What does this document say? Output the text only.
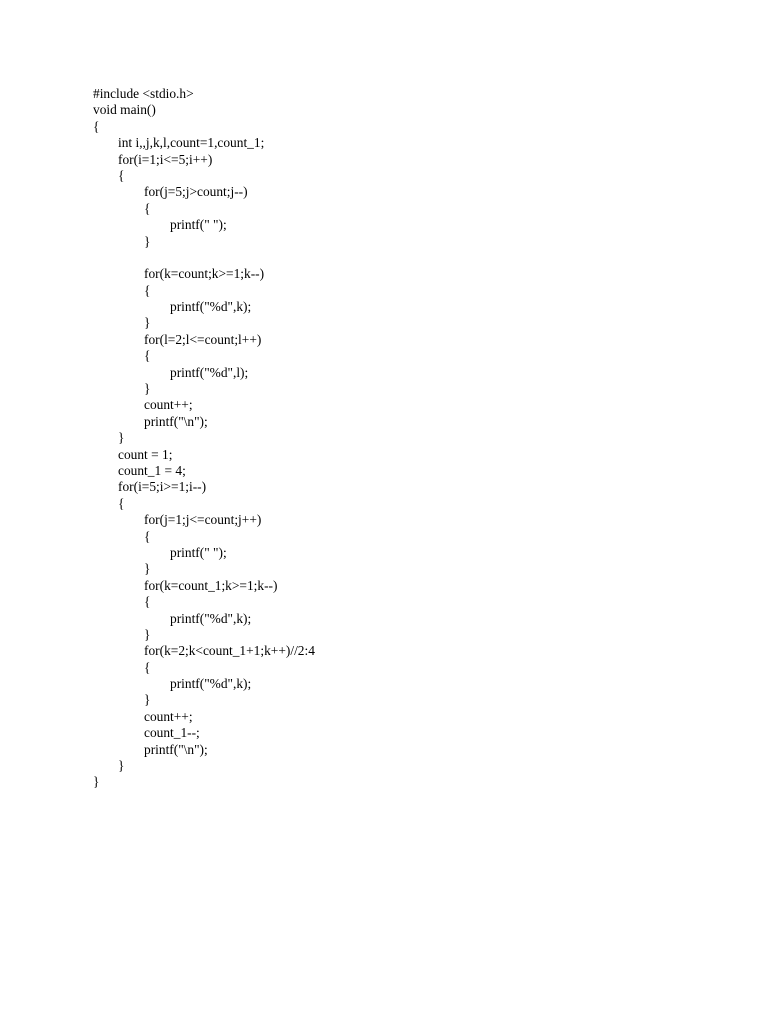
#include <stdio.h>
void main()
{
int i,,j,k,l,count=1,count_1;
for(i=1;i<=5;i++)
{
for(j=5;j>count;j--)
{
printf(" ");
}
for(k=count;k>=1;k--)
{
printf("%d",k);
}
for(l=2;l<=count;l++)
{
printf("%d",l);
}
count++;
printf("\n");
}
count = 1;
count_1 = 4;
for(i=5;i>=1;i--)
{
for(j=1;j<=count;j++)
{
printf(" ");
}
for(k=count_1;k>=1;k--)
{
printf("%d",k);
}
for(k=2;k<count_1+1;k++)//2:4
{
printf("%d",k);
}
count++;
count_1--;
printf("\n");
}
}
